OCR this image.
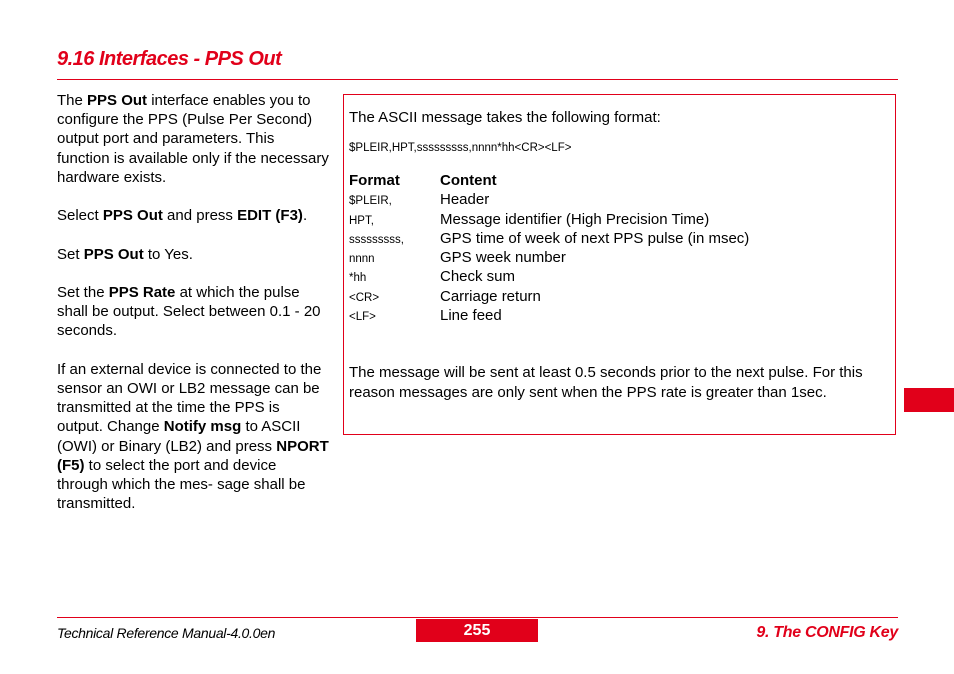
9.16 Interfaces - PPS Out

The PPS Out interface enables you to configure the PPS (Pulse Per Second) output port and parameters. This function is available only if the necessary hardware exists.

Select PPS Out and press EDIT (F3).

Set PPS Out to Yes.

Set the PPS Rate at which the pulse shall be output. Select between 0.1 - 20 seconds.

If an external device is connected to the sensor an OWI or LB2 message can be transmitted at the time the PPS is output. Change Notify msg to ASCII (OWI) or Binary (LB2) and press NPORT (F5) to select the port and device through which the mes- sage shall be transmitted.

The ASCII message takes the following format:

$PLEIR,HPT,sssssssss,nnnn*hh<CR><LF>

Format	Content
$PLEIR,	Header
HPT,	Message identifier (High Precision Time)
sssssssss,	GPS time of week of next PPS pulse (in msec)
nnnn	GPS week number
*hh	Check sum
<CR>	Carriage return
<LF>	Line feed

The message will be sent at least 0.5 seconds prior to the next pulse. For this reason messages are only sent when the PPS rate is greater than 1sec.

Technical Reference Manual-4.0.0en	255	9. The CONFIG Key
